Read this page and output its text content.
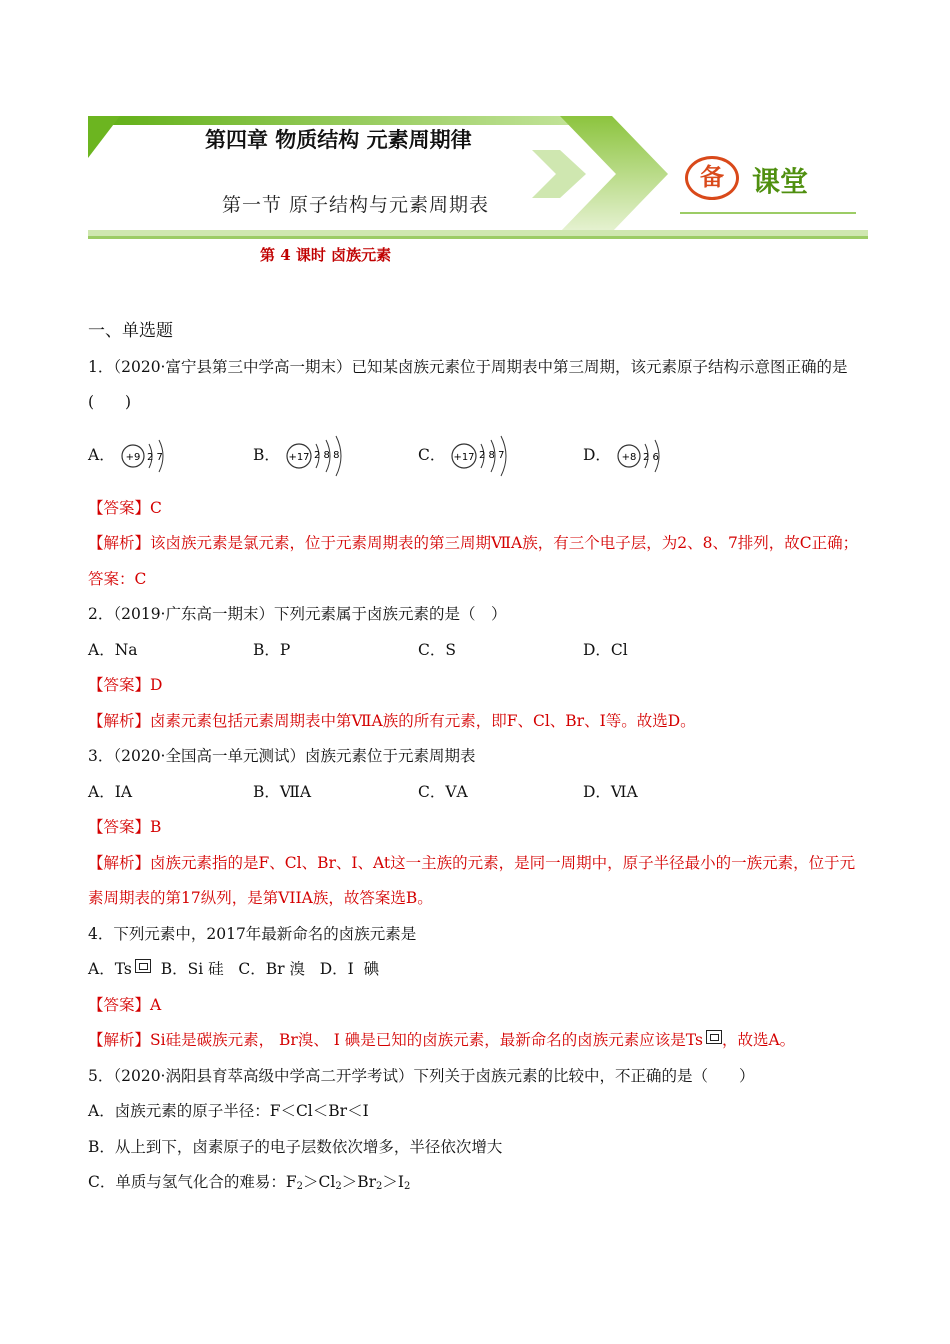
第四章 物质结构 元素周期律
备	课堂
第一节 原子结构与元素周期表
第 4 课时 卤族元素
一、单选题
1．（2020·富宁县第三中学高一期末）已知某卤族元素位于周期表中第三周期，该元素原子结构示意图正确的是(　　)
A． +9 2 7	B． +17 2 8 8	C． +17 2 8 7	D． +8 2 6
【答案】C
【解析】该卤族元素是氯元素，位于元素周期表的第三周期ⅦA族，有三个电子层，为2、8、7排列，故C正确；答案：C
2．（2019·广东高一期末）下列元素属于卤族元素的是（　）
A．Na	B．P	C．S	D．Cl
【答案】D
【解析】卤素元素包括元素周期表中第ⅦA族的所有元素，即F、Cl、Br、I等。故选D。
3．（2020·全国高一单元测试）卤族元素位于元素周期表
A．ⅠA	B．ⅦA	C．ⅤA	D．ⅥA
【答案】B
【解析】卤族元素指的是F、Cl、Br、I、At这一主族的元素，是同一周期中，原子半径最小的一族元素，位于元素周期表的第17纵列，是第VIIA族，故答案选B。
4．下列元素中，2017年最新命名的卤族元素是
A．Ts  B．Si 硅   C．Br 溴   D．I  碘
【答案】A
【解析】Si硅是碳族元素， Br溴、 I 碘是已知的卤族元素，最新命名的卤族元素应该是Ts ，故选A。
5．（2020·涡阳县育萃高级中学高二开学考试）下列关于卤族元素的比较中，不正确的是（　　）
A．卤族元素的原子半径：F＜Cl＜Br＜I
B．从上到下，卤素原子的电子层数依次增多，半径依次增大
C．单质与氢气化合的难易：$F_2>Cl_2>Br_2>I_2$
